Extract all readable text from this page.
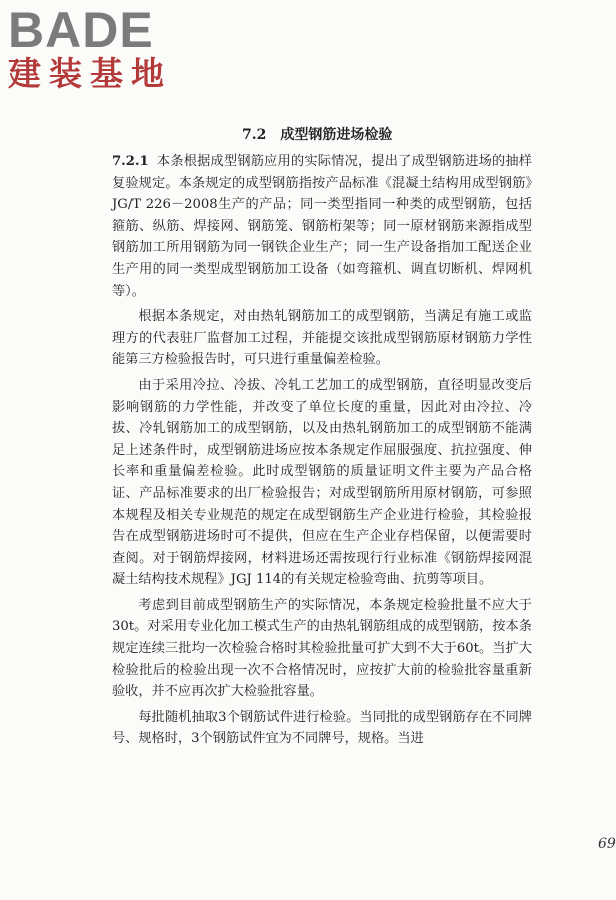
BADE
建装基地
7.2 成型钢筋进场检验

7.2.1 本条根据成型钢筋应用的实际情况，提出了成型钢筋进场的抽样复验规定。本条规定的成型钢筋指按产品标准《混凝土结构用成型钢筋》JG/T 226－2008生产的产品；同一类型指同一种类的成型钢筋，包括箍筋、纵筋、焊接网、钢筋笼、钢筋桁架等；同一原材钢筋来源指成型钢筋加工所用钢筋为同一钢铁企业生产；同一生产设备指加工配送企业生产用的同一类型成型钢筋加工设备（如弯箍机、调直切断机、焊网机等）。

根据本条规定，对由热轧钢筋加工的成型钢筋，当满足有施工或监理方的代表驻厂监督加工过程，并能提交该批成型钢筋原材钢筋力学性能第三方检验报告时，可只进行重量偏差检验。

由于采用冷拉、冷拔、冷轧工艺加工的成型钢筋，直径明显改变后影响钢筋的力学性能，并改变了单位长度的重量，因此对由冷拉、冷拔、冷轧钢筋加工的成型钢筋，以及由热轧钢筋加工的成型钢筋不能满足上述条件时，成型钢筋进场应按本条规定作屈服强度、抗拉强度、伸长率和重量偏差检验。此时成型钢筋的质量证明文件主要为产品合格证、产品标准要求的出厂检验报告；对成型钢筋所用原材钢筋，可参照本规程及相关专业规范的规定在成型钢筋生产企业进行检验，其检验报告在成型钢筋进场时可不提供，但应在生产企业存档保留，以便需要时查阅。对于钢筋焊接网，材料进场还需按现行行业标准《钢筋焊接网混凝土结构技术规程》JGJ 114的有关规定检验弯曲、抗剪等项目。

考虑到目前成型钢筋生产的实际情况，本条规定检验批量不应大于30t。对采用专业化加工模式生产的由热轧钢筋组成的成型钢筋，按本条规定连续三批均一次检验合格时其检验批量可扩大到不大于60t。当扩大检验批后的检验出现一次不合格情况时，应按扩大前的检验批容量重新验收，并不应再次扩大检验批容量。

每批随机抽取3个钢筋试件进行检验。当同批的成型钢筋存在不同牌号、规格时，3个钢筋试件宜为不同牌号，规格。当进

69
